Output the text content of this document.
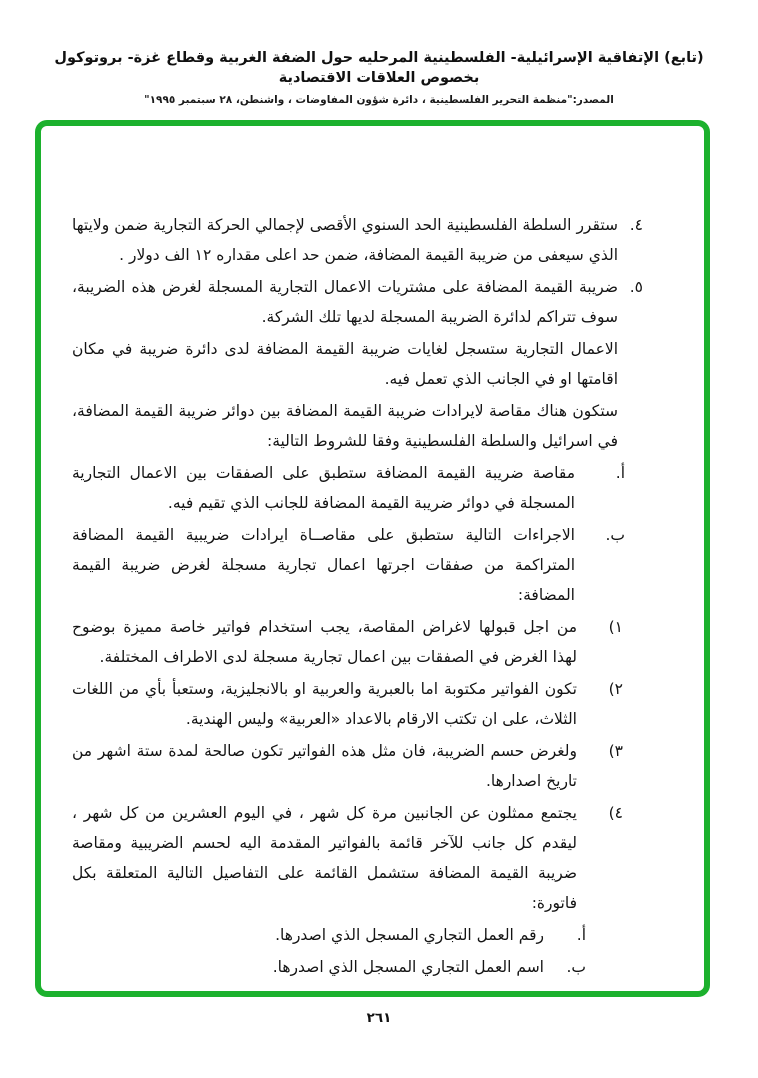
(تابع) الإتفاقية الإسرائيلية- الفلسطينية المرحليه حول الضفة الغربية وقطاع غزة- بروتوكول بخصوص العلاقات الاقتصادية
المصدر:"منظمة التحرير الفلسطينية ، دائرة شؤون المفاوضات ، واشنطن، ٢٨ سبتمبر ١٩٩٥"
٤.
ستقرر السلطة الفلسطينية الحد السنوي الأقصى لإجمالي الحركة التجارية ضمن ولايتها الذي سيعفى من ضريبة القيمة المضافة، ضمن حد اعلى مقداره ١٢ الف دولار .
٥.
ضريبة القيمة المضافة على مشتريات الاعمال التجارية المسجلة لغرض هذه الضريبة، سوف تتراكم لدائرة الضريبة المسجلة لديها تلك الشركة.
الاعمال التجارية ستسجل لغايات ضريبة القيمة المضافة لدى دائرة ضريبة في مكان اقامتها او في الجانب الذي تعمل فيه.
ستكون هناك مقاصة لايرادات ضريبة القيمة المضافة بين دوائر ضريبة القيمة المضافة، في اسرائيل والسلطة الفلسطينية وفقا للشروط التالية:
أ.
مقاصة ضريبة القيمة المضافة ستطبق على الصفقات بين الاعمال التجارية المسجلة في دوائر ضريبة القيمة المضافة للجانب الذي تقيم فيه.
ب.
الاجراءات التالية ستطبق على مقاصــاة ايرادات ضريبية القيمة المضافة المتراكمة من صفقات اجرتها اعمال تجارية مسجلة لغرض ضريبة القيمة المضافة:
١)
من اجل قبولها لاغراض المقاصة، يجب استخدام فواتير خاصة مميزة بوضوح لهذا الغرض في الصفقات بين اعمال تجارية مسجلة لدى الاطراف المختلفة.
٢)
تكون الفواتير مكتوبة اما بالعبرية والعربية او بالانجليزية، وستعبأ بأي من اللغات الثلاث، على ان تكتب الارقام بالاعداد «العربية» وليس الهندية.
٣)
ولغرض حسم الضريبة، فان مثل هذه الفواتير تكون صالحة لمدة ستة اشهر من تاريخ اصدارها.
٤)
يجتمع ممثلون عن الجانبين مرة كل شهر ، في اليوم العشرين من كل شهر ، ليقدم كل جانب للآخر قائمة بالفواتير المقدمة اليه لحسم الضريبية ومقاصة ضريبة القيمة المضافة ستشمل القائمة على التفاصيل التالية المتعلقة بكل فاتورة:
أ.
رقم العمل التجاري المسجل الذي اصدرها.
ب.
اسم العمل التجاري المسجل الذي اصدرها.
٢٦١
